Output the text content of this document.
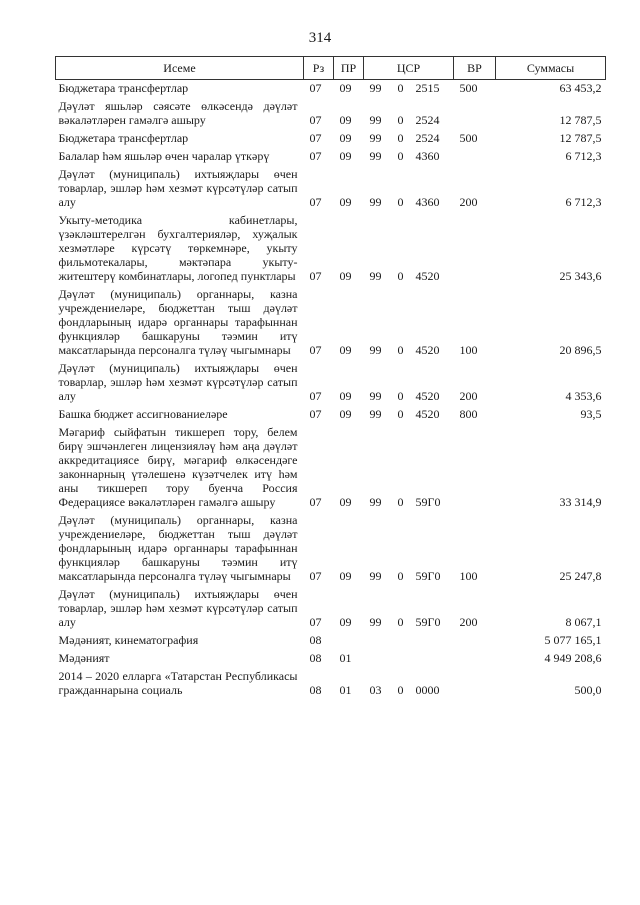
314
Исеме	Рз	ПР	ЦСР			ВР	Суммасы
Бюджетара трансфертлар	07	09	99	0	2515	500	63 453,2
Дәүләт яшьләр сәясәте өлкәсендә дәүләт вәкаләтләрен гамәлгә ашыру	07	09	99	0	2524		12 787,5
Бюджетара трансфертлар	07	09	99	0	2524	500	12 787,5
Балалар һәм яшьләр өчен чаралар үткәрү	07	09	99	0	4360		6 712,3
Дәүләт (муниципаль) ихтыяҗлары өчен товарлар, эшләр һәм хезмәт күрсәтүләр сатып алу	07	09	99	0	4360	200	6 712,3
Укыту-методика кабинетлары, үзәкләштерелгән бухгалтерияләр, хуҗалык хезмәтләре күрсәтү төркемнәре, укыту фильмотекалары, мәктәпара укыту-житештерү комбинатлары, логопед пунктлары	07	09	99	0	4520		25 343,6
Дәүләт (муниципаль) органнары, казна учреждениеләре, бюджеттан тыш дәүләт фондларының идарә органнары тарафыннан функцияләр башкаруны тәэмин итү максатларында персоналга түләү чыгымнары	07	09	99	0	4520	100	20 896,5
Дәүләт (муниципаль) ихтыяҗлары өчен товарлар, эшләр һәм хезмәт күрсәтүләр сатып алу	07	09	99	0	4520	200	4 353,6
Башка бюджет ассигнованиеләре	07	09	99	0	4520	800	93,5
Мәгариф сыйфатын тикшереп тору, белем бирү эшчәнлеген лицензияләү һәм аңа дәүләт аккредитациясе бирү, мәгариф өлкәсендәге законнарның үтәлешенә күзәтчелек итү һәм аны тикшереп тору буенча Россия Федерациясе вәкаләтләрен гамәлгә ашыру	07	09	99	0	59Г0		33 314,9
Дәүләт (муниципаль) органнары, казна учреждениеләре, бюджеттан тыш дәүләт фондларының идарә органнары тарафыннан функцияләр башкаруны тәэмин итү максатларында персоналга түләү чыгымнары	07	09	99	0	59Г0	100	25 247,8
Дәүләт (муниципаль) ихтыяҗлары өчен товарлар, эшләр һәм хезмәт күрсәтүләр сатып алу	07	09	99	0	59Г0	200	8 067,1
Мәдәният, кинематография	08						5 077 165,1
Мәдәният	08	01					4 949 208,6
2014 – 2020 елларга «Татарстан Республикасы гражданнарына социаль	08	01	03	0	0000		500,0
